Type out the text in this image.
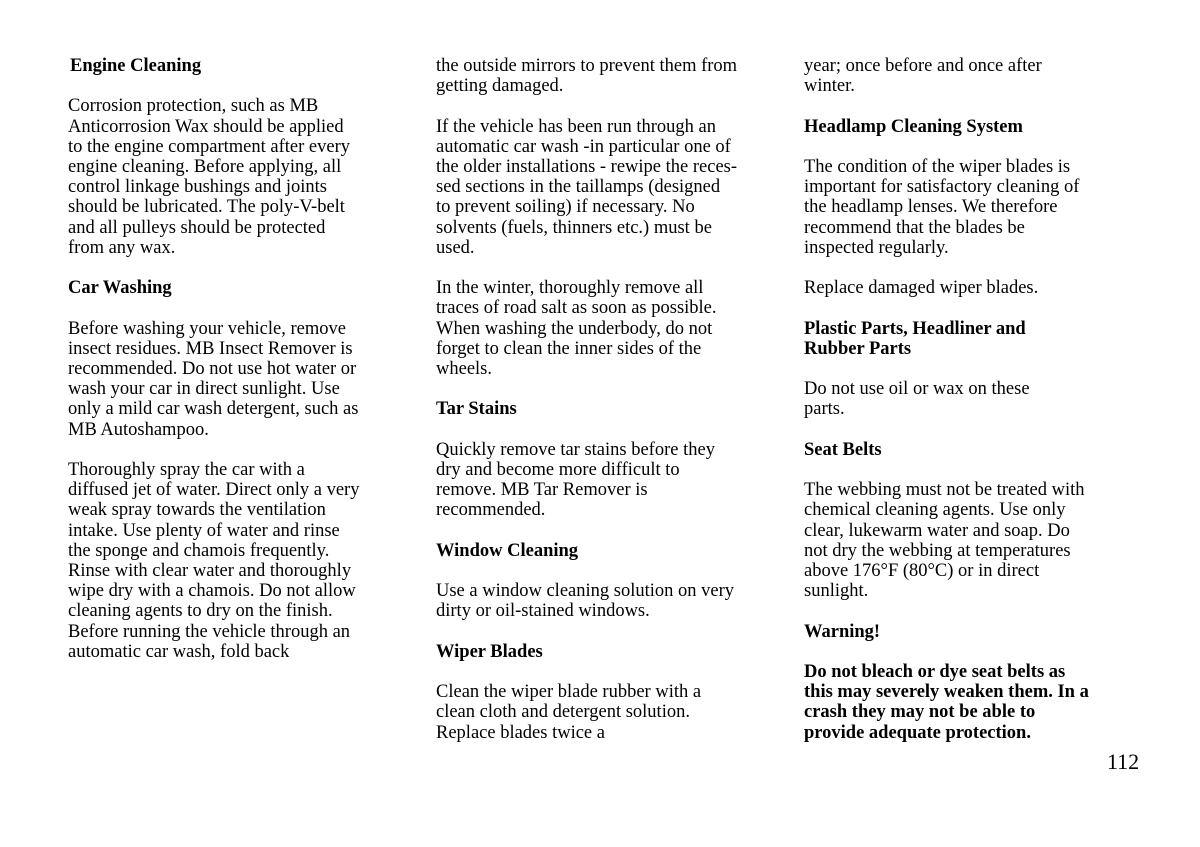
Engine Cleaning

Corrosion protection, such as MB
Anticorrosion Wax should be applied
to the engine compartment after every
engine cleaning. Before applying, all
control linkage bushings and joints
should be lubricated. The poly-V-belt
and all pulleys should be protected
from any wax.

Car Washing

Before washing your vehicle, remove
insect residues. MB Insect Remover is
recommended. Do not use hot water or
wash your car in direct sunlight. Use
only a mild car wash detergent, such as
MB Autoshampoo.

Thoroughly spray the car with a
diffused jet of water. Direct only a very
weak spray towards the ventilation
intake. Use plenty of water and rinse
the sponge and chamois frequently.
Rinse with clear water and thoroughly
wipe dry with a chamois. Do not allow
cleaning agents to dry on the finish.
Before running the vehicle through an
automatic car wash, fold back

the outside mirrors to prevent them from
getting damaged.

If the vehicle has been run through an
automatic car wash -in particular one of
the older installations - rewipe the reces-
sed sections in the taillamps (designed
to prevent soiling) if necessary. No
solvents (fuels, thinners etc.) must be
used.

In the winter, thoroughly remove all
traces of road salt as soon as possible.
When washing the underbody, do not
forget to clean the inner sides of the
wheels.

Tar Stains

Quickly remove tar stains before they
dry and become more difficult to
remove. MB Tar Remover is
recommended.

Window Cleaning

Use a window cleaning solution on very
dirty or oil-stained windows.

Wiper Blades

Clean the wiper blade rubber with a
clean cloth and detergent solution.
Replace blades twice a

year; once before and once after
winter.

Headlamp Cleaning System

The condition of the wiper blades is
important for satisfactory cleaning of
the headlamp lenses. We therefore
recommend that the blades be
inspected regularly.

Replace damaged wiper blades.

Plastic Parts, Headliner and
Rubber Parts

Do not use oil or wax on these
parts.

Seat Belts

The webbing must not be treated with
chemical cleaning agents. Use only
clear, lukewarm water and soap. Do
not dry the webbing at temperatures
above 176°F (80°C) or in direct
sunlight.

Warning!

Do not bleach or dye seat belts as
this may severely weaken them. In a
crash they may not be able to
provide adequate protection.

112
